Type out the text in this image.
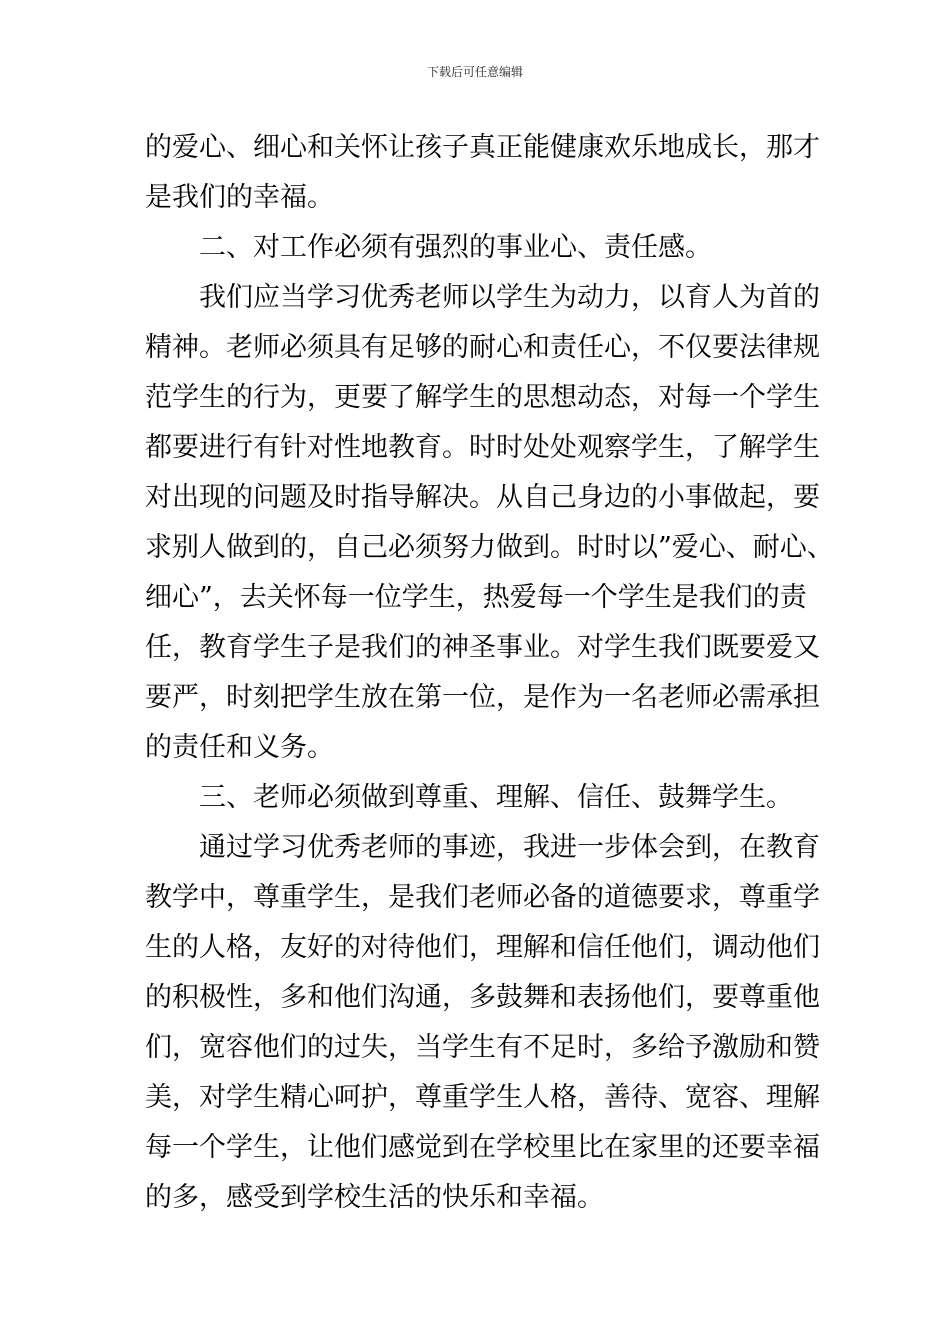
下载后可任意编辑
的爱心、细心和关怀让孩子真正能健康欢乐地成长，那才
是我们的幸福。
二、对工作必须有强烈的事业心、责任感。
我们应当学习优秀老师以学生为动力，以育人为首的
精神。老师必须具有足够的耐心和责任心，不仅要法律规
范学生的行为，更要了解学生的思想动态，对每一个学生
都要进行有针对性地教育。时时处处观察学生，了解学生
对出现的问题及时指导解决。从自己身边的小事做起，要
求别人做到的，自己必须努力做到。时时以”爱心、耐心、
细心”，去关怀每一位学生，热爱每一个学生是我们的责
任，教育学生子是我们的神圣事业。对学生我们既要爱又
要严，时刻把学生放在第一位，是作为一名老师必需承担
的责任和义务。
三、老师必须做到尊重、理解、信任、鼓舞学生。
通过学习优秀老师的事迹，我进一步体会到，在教育
教学中，尊重学生，是我们老师必备的道德要求，尊重学
生的人格，友好的对待他们，理解和信任他们，调动他们
的积极性，多和他们沟通，多鼓舞和表扬他们，要尊重他
们，宽容他们的过失，当学生有不足时，多给予激励和赞
美，对学生精心呵护，尊重学生人格，善待、宽容、理解
每一个学生，让他们感觉到在学校里比在家里的还要幸福
的多，感受到学校生活的快乐和幸福。
